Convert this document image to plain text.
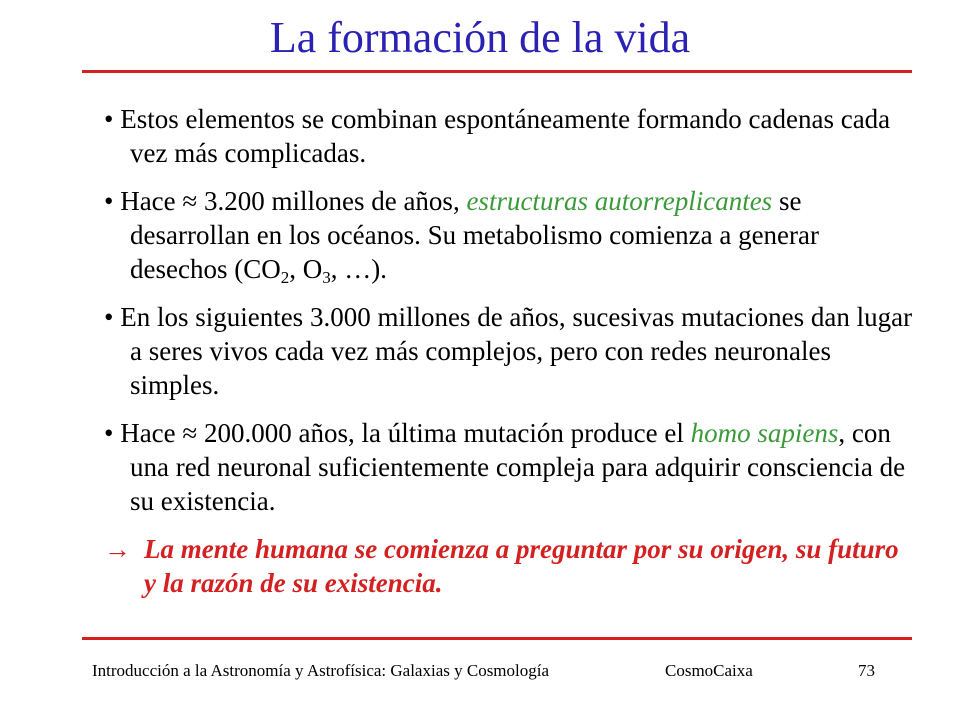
La formación de la vida

• Estos elementos se combinan espontáneamente formando cadenas cada vez más complicadas.

• Hace ≈ 3.200 millones de años, estructuras autorreplicantes se desarrollan en los océanos. Su metabolismo comienza a generar desechos ($CO_2$, $O_3$, …).

• En los siguientes 3.000 millones de años, sucesivas mutaciones dan lugar a seres vivos cada vez más complejos, pero con redes neuronales simples.

• Hace ≈ 200.000 años, la última mutación produce el homo sapiens, con una red neuronal suficientemente compleja para adquirir consciencia de su existencia.

→ La mente humana se comienza a preguntar por su origen, su futuro y la razón de su existencia.

Introducción a la Astronomía y Astrofísica: Galaxias y Cosmología	CosmoCaixa	73
